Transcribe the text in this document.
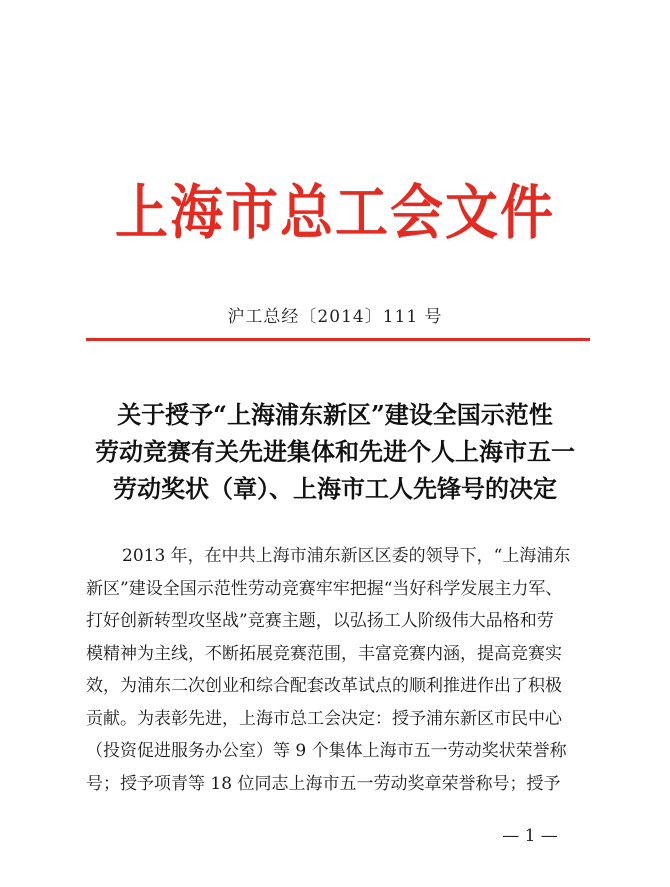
上海市总工会文件
沪工总经〔2014〕111 号
关于授予“上海浦东新区”建设全国示范性
劳动竞赛有关先进集体和先进个人上海市五一
劳动奖状（章）、上海市工人先锋号的决定
2013 年，在中共上海市浦东新区区委的领导下，“上海浦东
新区”建设全国示范性劳动竞赛牢牢把握“当好科学发展主力军、
打好创新转型攻坚战”竞赛主题，以弘扬工人阶级伟大品格和劳
模精神为主线，不断拓展竞赛范围，丰富竞赛内涵，提高竞赛实
效，为浦东二次创业和综合配套改革试点的顺利推进作出了积极
贡献。为表彰先进，上海市总工会决定：授予浦东新区市民中心
（投资促进服务办公室）等 9 个集体上海市五一劳动奖状荣誉称
号；授予项青等 18 位同志上海市五一劳动奖章荣誉称号；授予
— 1 —
